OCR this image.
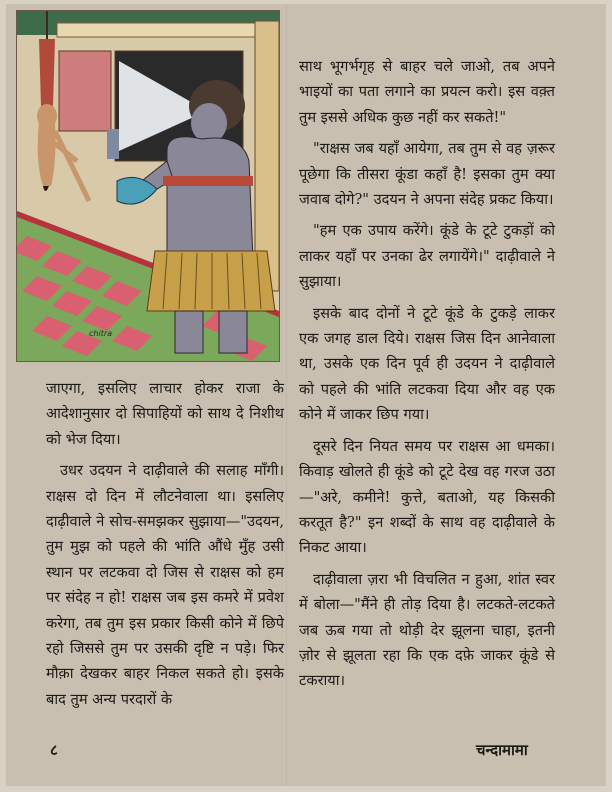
chitra

साथ भूगर्भगृह से बाहर चले जाओ, तब अपने भाइयों का पता लगाने का प्रयत्न करो। इस वक़्त तुम इससे अधिक कुछ नहीं कर सकते!"

"राक्षस जब यहाँ आयेगा, तब तुम से वह ज़रूर पूछेगा कि तीसरा कूंडा कहाँ है! इसका तुम क्या जवाब दोगे?" उदयन ने अपना संदेह प्रकट किया।

"हम एक उपाय करेंगे। कूंडे के टूटे टुकड़ों को लाकर यहाँ पर उनका ढेर लगायेंगे।" दाढ़ीवाले ने सुझाया।

इसके बाद दोनों ने टूटे कूंडे के टुकड़े लाकर एक जगह डाल दिये। राक्षस जिस दिन आनेवाला था, उसके एक दिन पूर्व ही उदयन ने दाढ़ीवाले को पहले की भांति लटकवा दिया और वह एक कोने में जाकर छिप गया।

दूसरे दिन नियत समय पर राक्षस आ धमका। किवाड़ खोलते ही कूंडे को टूटे देख वह गरज उठा—"अरे, कमीने! कुत्ते, बताओ, यह किसकी करतूत है?" इन शब्दों के साथ वह दाढ़ीवाले के निकट आया।

दाढ़ीवाला ज़रा भी विचलित न हुआ, शांत स्वर में बोला—"मैंने ही तोड़ दिया है। लटकते-लटकते जब ऊब गया तो थोड़ी देर झूलना चाहा, इतनी ज़ोर से झूलता रहा कि एक दफ़े जाकर कूंडे से टकराया।

जाएगा, इसलिए लाचार होकर राजा के आदेशानुसार दो सिपाहियों को साथ दे निशीथ को भेज दिया।

उधर उदयन ने दाढ़ीवाले की सलाह माँगी। राक्षस दो दिन में लौटनेवाला था। इसलिए दाढ़ीवाले ने सोच-समझकर सुझाया—"उदयन, तुम मुझ को पहले की भांति औंधे मुँह उसी स्थान पर लटकवा दो जिस से राक्षस को हम पर संदेह न हो! राक्षस जब इस कमरे में प्रवेश करेगा, तब तुम इस प्रकार किसी कोने में छिपे रहो जिससे तुम पर उसकी दृष्टि न पड़े। फिर मौक़ा देखकर बाहर निकल सकते हो। इसके बाद तुम अन्य परदारों के

८	चन्दामामा
